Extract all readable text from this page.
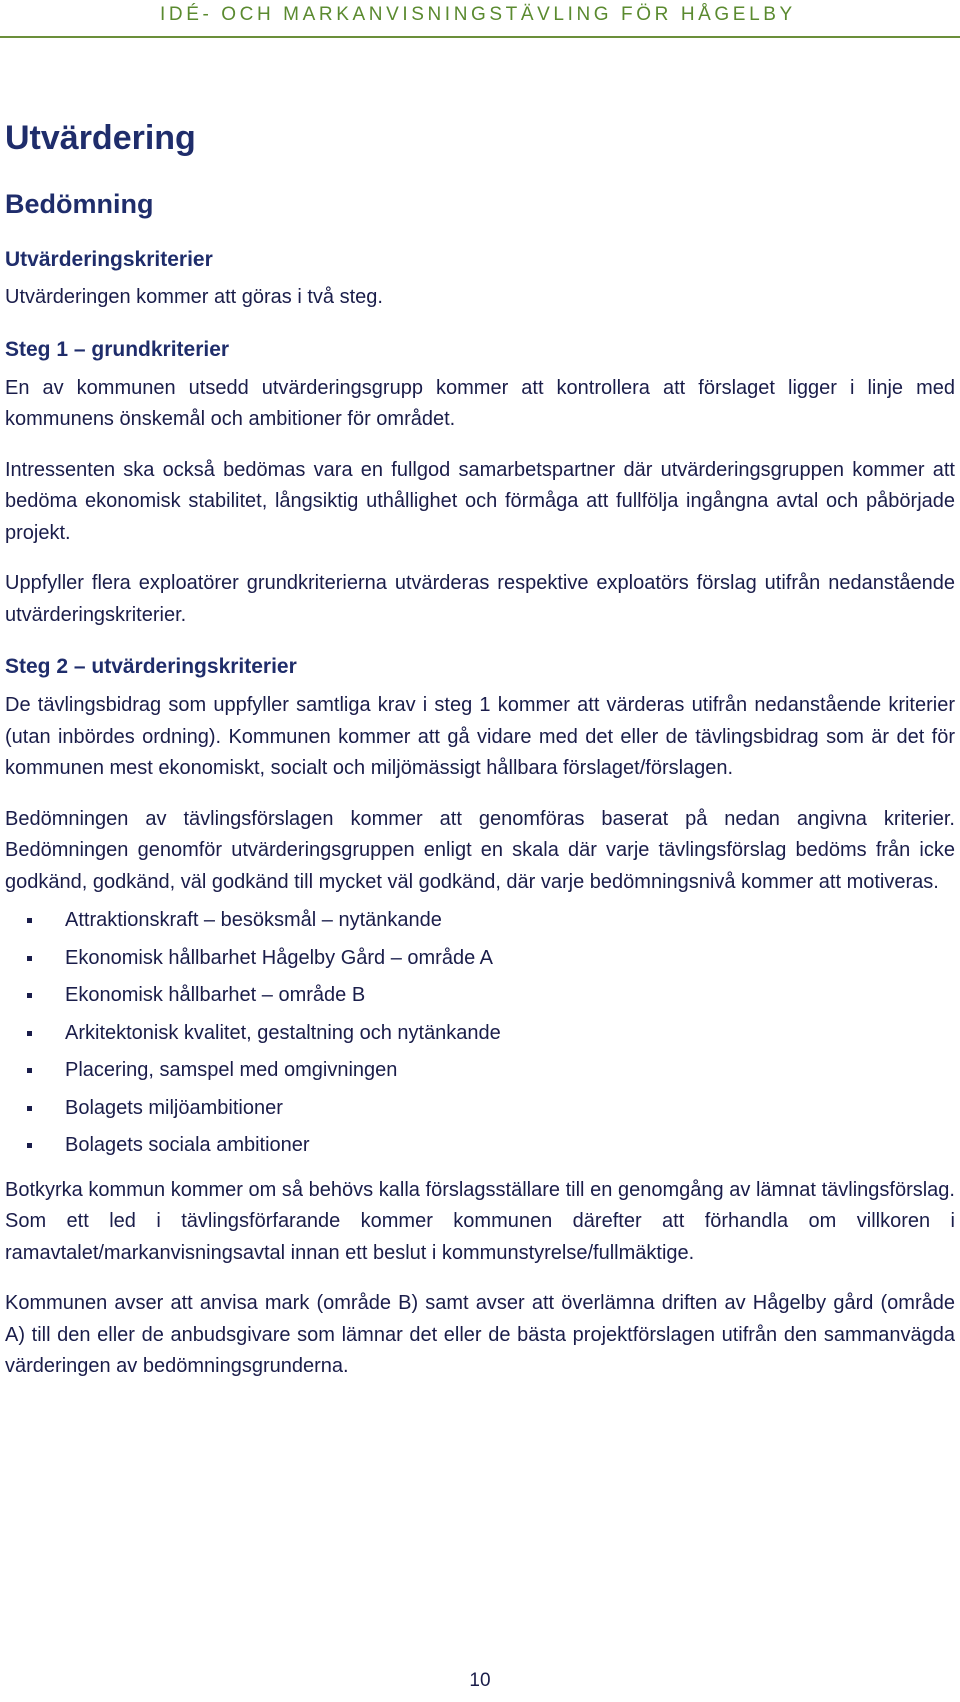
IDÉ- OCH MARKANVISNINGSTÄVLING FÖR HÅGELBY
Utvärdering
Bedömning
Utvärderingskriterier

Utvärderingen kommer att göras i två steg.

Steg 1 – grundkriterier

En av kommunen utsedd utvärderingsgrupp kommer att kontrollera att förslaget ligger i linje med kommunens önskemål och ambitioner för området.

Intressenten ska också bedömas vara en fullgod samarbetspartner där utvärderingsgruppen kommer att bedöma ekonomisk stabilitet, långsiktig uthållighet och förmåga att fullfölja ingångna avtal och påbörjade projekt.

Uppfyller flera exploatörer grundkriterierna utvärderas respektive exploatörs förslag utifrån nedanstående utvärderingskriterier.

Steg 2 – utvärderingskriterier

De tävlingsbidrag som uppfyller samtliga krav i steg 1 kommer att värderas utifrån nedanstående kriterier (utan inbördes ordning). Kommunen kommer att gå vidare med det eller de tävlingsbidrag som är det för kommunen mest ekonomiskt, socialt och miljömässigt hållbara förslaget/förslagen.

Bedömningen av tävlingsförslagen kommer att genomföras baserat på nedan angivna kriterier. Bedömningen genomför utvärderingsgruppen enligt en skala där varje tävlingsförslag bedöms från icke godkänd, godkänd, väl godkänd till mycket väl godkänd, där varje bedömningsnivå kommer att motiveras.

Attraktionskraft – besöksmål – nytänkande
Ekonomisk hållbarhet Hågelby Gård – område A
Ekonomisk hållbarhet – område B
Arkitektonisk kvalitet, gestaltning och nytänkande
Placering, samspel med omgivningen
Bolagets miljöambitioner
Bolagets sociala ambitioner

Botkyrka kommun kommer om så behövs kalla förslagsställare till en genomgång av lämnat tävlingsförslag. Som ett led i tävlingsförfarande kommer kommunen därefter att förhandla om villkoren i ramavtalet/markanvisningsavtal innan ett beslut i kommunstyrelse/fullmäktige.

Kommunen avser att anvisa mark (område B) samt avser att överlämna driften av Hågelby gård (område A) till den eller de anbudsgivare som lämnar det eller de bästa projektförslagen utifrån den sammanvägda värderingen av bedömningsgrunderna.

10
